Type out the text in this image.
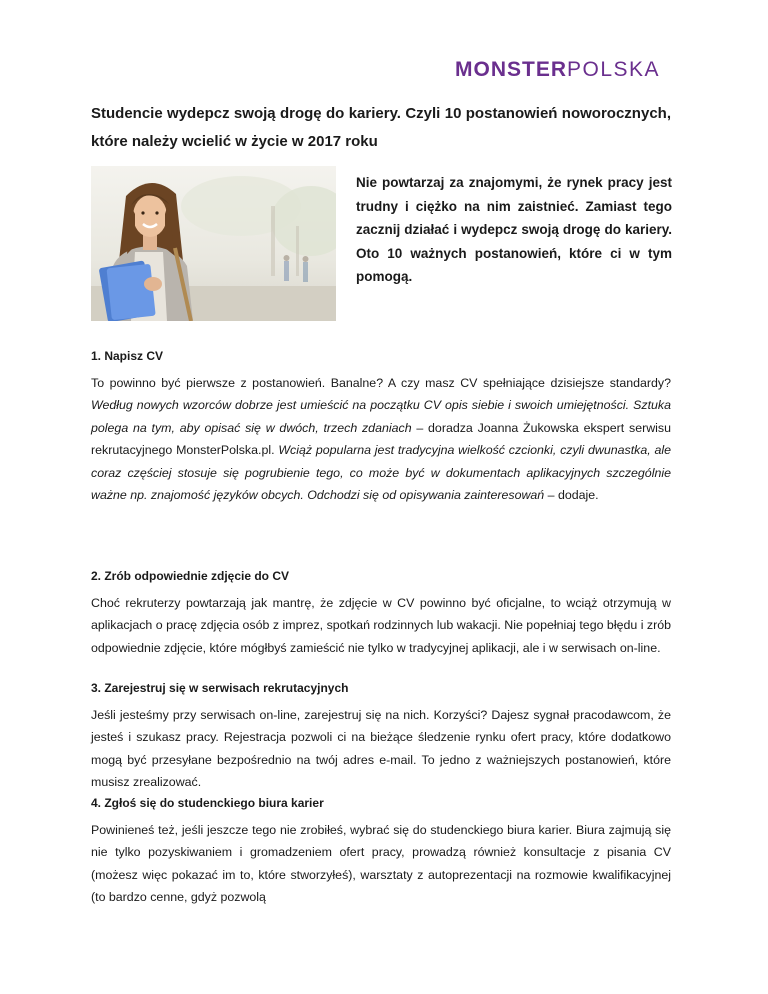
MONSTERPOLSKA
Studencie wydepcz swoją drogę do kariery. Czyli 10 postanowień noworocznych, które należy wcielić w życie w 2017 roku

Nie powtarzaj za znajomymi, że rynek pracy jest trudny i ciężko na nim zaistnieć. Zamiast tego zacznij działać i wydepcz swoją drogę do kariery. Oto 10 ważnych postanowień, które ci w tym pomogą.

1. Napisz CV

To powinno być pierwsze z postanowień. Banalne? A czy masz CV spełniające dzisiejsze standardy? Według nowych wzorców dobrze jest umieścić na początku CV opis siebie i swoich umiejętności. Sztuka polega na tym, aby opisać się w dwóch, trzech zdaniach – doradza Joanna Żukowska ekspert serwisu rekrutacyjnego MonsterPolska.pl. Wciąż popularna jest tradycyjna wielkość czcionki, czyli dwunastka, ale coraz częściej stosuje się pogrubienie tego, co może być w dokumentach aplikacyjnych szczególnie ważne np. znajomość języków obcych. Odchodzi się od opisywania zainteresowań – dodaje.

2. Zrób odpowiednie zdjęcie do CV

Choć rekruterzy powtarzają jak mantrę, że zdjęcie w CV powinno być oficjalne, to wciąż otrzymują w aplikacjach o pracę zdjęcia osób z imprez, spotkań rodzinnych lub wakacji. Nie popełniaj tego błędu i zrób odpowiednie zdjęcie, które mógłbyś zamieścić nie tylko w tradycyjnej aplikacji, ale i w serwisach on-line.

3. Zarejestruj się w serwisach rekrutacyjnych

Jeśli jesteśmy przy serwisach on-line, zarejestruj się na nich. Korzyści? Dajesz sygnał pracodawcom, że jesteś i szukasz pracy. Rejestracja pozwoli ci na bieżące śledzenie rynku ofert pracy, które dodatkowo mogą być przesyłane bezpośrednio na twój adres e-mail. To jedno z ważniejszych postanowień, które musisz zrealizować.

4. Zgłoś się do studenckiego biura karier

Powinieneś też, jeśli jeszcze tego nie zrobiłeś, wybrać się do studenckiego biura karier. Biura zajmują się nie tylko pozyskiwaniem i gromadzeniem ofert pracy, prowadzą również konsultacje z pisania CV (możesz więc pokazać im to, które stworzyłeś), warsztaty z autoprezentacji na rozmowie kwalifikacyjnej (to bardzo cenne, gdyż pozwolą
